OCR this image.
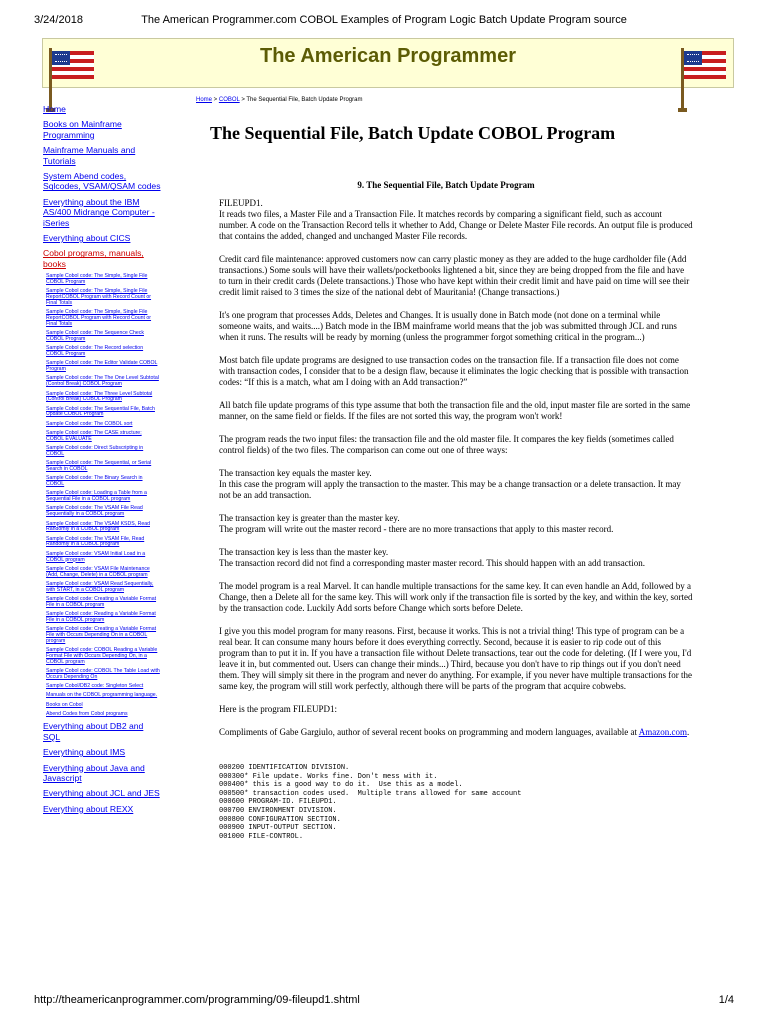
3/24/2018	The American Programmer.com COBOL Examples of Program Logic Batch Update Program source
The American Programmer
Home
Books on Mainframe Programming
Mainframe Manuals and Tutorials
System Abend codes, Sqlcodes, VSAM/QSAM codes
Everything about the IBM AS/400 Midrange Computer - iSeries
Everything about CICS
Cobol programs, manuals, books
Sample Cobol code: The Simple, Single File COBOL Program
Sample Cobol code: The Simple, Single File ReportCOBOL Program with Record Count or Final Totals
Sample Cobol code: The Simple, Single File ReportCOBOL Program with Record Count or Final Totals
Sample Cobol code: The Sequence Check COBOL Program
Sample Cobol code: The Record selection COBOL Program
Sample Cobol code: The Editor Validate COBOL Program
Sample Cobol code: The The One Level Subtotal (Control Break) COBOL Program
Sample Cobol code: The Three Level Subtotal (Control Break) COBOL Program
Sample Cobol code: The Sequential File, Batch Update COBOL Program
Sample Cobol code: The COBOL sort
Sample Cobol code: The CASE structure; COBOL EVALUATE
Sample Cobol code: Direct Subscripting in COBOL
Sample Cobol code: The Sequential, or Serial Search in COBOL
Sample Cobol code: The Binary Search in COBOL
Sample Cobol code: Loading a Table from a Sequential File in a COBOL program
Sample Cobol code: The VSAM File Read Sequentially in a COBOL program
Sample Cobol code: The VSAM KSDS, Read Randomly in a COBOL program
Sample Cobol code: The VSAM File, Read Randomly in a COBOL program
Sample Cobol code: VSAM Initial Load in a COBOL program
Sample Cobol code: VSAM File Maintenance (Add, Change, Delete) in a COBOL program
Sample Cobol code: VSAM Read Sequentially, with START, in a COBOL program
Sample Cobol code: Creating a Variable Format File in a COBOL program
Sample Cobol code: Reading a Variable Format File in a COBOL program
Sample Cobol code: Creating a Variable Format File with Occurs Depending On in a COBOL program
Sample Cobol code: COBOL Reading a Variable Format File with Occurs Depending On, in a COBOL program
Sample Cobol code: COBOL The Table Load with Occurs Depending On
Sample Cobol/DB2 code: Singleton Select
Manuals on the COBOL programming language.
Books on Cobol
Abend Codes from Cobol programs
Everything about DB2 and SQL
Everything about IMS
Everything about Java and Javascript
Everything about JCL and JES
Everything about REXX
Home > COBOL > The Sequential File, Batch Update Program
The Sequential File, Batch Update COBOL Program
9. The Sequential File, Batch Update Program

FILEUPD1.
It reads two files, a Master File and a Transaction File. It matches records by comparing a significant field, such as account number. A code on the Transaction Record tells it whether to Add, Change or Delete Master File records. An output file is produced that contains the added, changed and unchanged Master File records.

Credit card file maintenance: approved customers now can carry plastic money as they are added to the huge cardholder file (Add transactions.) Some souls will have their wallets/pocketbooks lightened a bit, since they are being dropped from the file and have to turn in their credit cards (Delete transactions.) Those who have kept within their credit limit and have paid on time will see their credit limit raised to 3 times the size of the national debt of Mauritania! (Change transactions.)

It's one program that processes Adds, Deletes and Changes. It is usually done in Batch mode (not done on a terminal while someone waits, and waits....) Batch mode in the IBM mainframe world means that the job was submitted through JCL and runs when it runs. The results will be ready by morning (unless the programmer forgot something critical in the program...)

Most batch file update programs are designed to use transaction codes on the transaction file. If a transaction file does not come with transaction codes, I consider that to be a design flaw, because it eliminates the logic checking that is possible with transaction codes: “If this is a match, what am I doing with an Add transaction?”

All batch file update programs of this type assume that both the transaction file and the old, input master file are sorted in the same manner, on the same field or fields. If the files are not sorted this way, the program won't work!

The program reads the two input files: the transaction file and the old master file. It compares the key fields (sometimes called control fields) of the two files. The comparison can come out one of three ways:

The transaction key equals the master key.
In this case the program will apply the transaction to the master. This may be a change transaction or a delete transaction. It may not be an add transaction.

The transaction key is greater than the master key.
The program will write out the master record - there are no more transactions that apply to this master record.

The transaction key is less than the master key.
The transaction record did not find a corresponding master master record. This should happen with an add transaction.

The model program is a real Marvel. It can handle multiple transactions for the same key. It can even handle an Add, followed by a Change, then a Delete all for the same key. This will work only if the transaction file is sorted by the key, and within the key, sorted by the transaction code. Luckily Add sorts before Change which sorts before Delete.

I give you this model program for many reasons. First, because it works. This is not a trivial thing! This type of program can be a real bear. It can consume many hours before it does everything correctly. Second, because it is easier to rip code out of this program than to put it in. If you have a transaction file without Delete transactions, tear out the code for deleting. (If I were you, I'd leave it in, but commented out. Users can change their minds...) Third, because you don't have to rip things out if you don't need them. They will simply sit there in the program and never do anything. For example, if you never have multiple transactions for the same key, the program will still work perfectly, although there will be parts of the program that acquire cobwebs.

Here is the program FILEUPD1:

Compliments of Gabe Gargiulo, author of several recent books on programming and modern languages, available at Amazon.com.

000200 IDENTIFICATION DIVISION.
000300* File update. Works fine. Don't mess with it.
000400* this is a good way to do it.  Use this as a model.
000500* transaction codes used.  Multiple trans allowed for same account
000600 PROGRAM-ID. FILEUPD1.
000700 ENVIRONMENT DIVISION.
000800 CONFIGURATION SECTION.
000900 INPUT-OUTPUT SECTION.
001000 FILE-CONTROL.
http://theamericanprogrammer.com/programming/09-fileupd1.shtml	1/4
